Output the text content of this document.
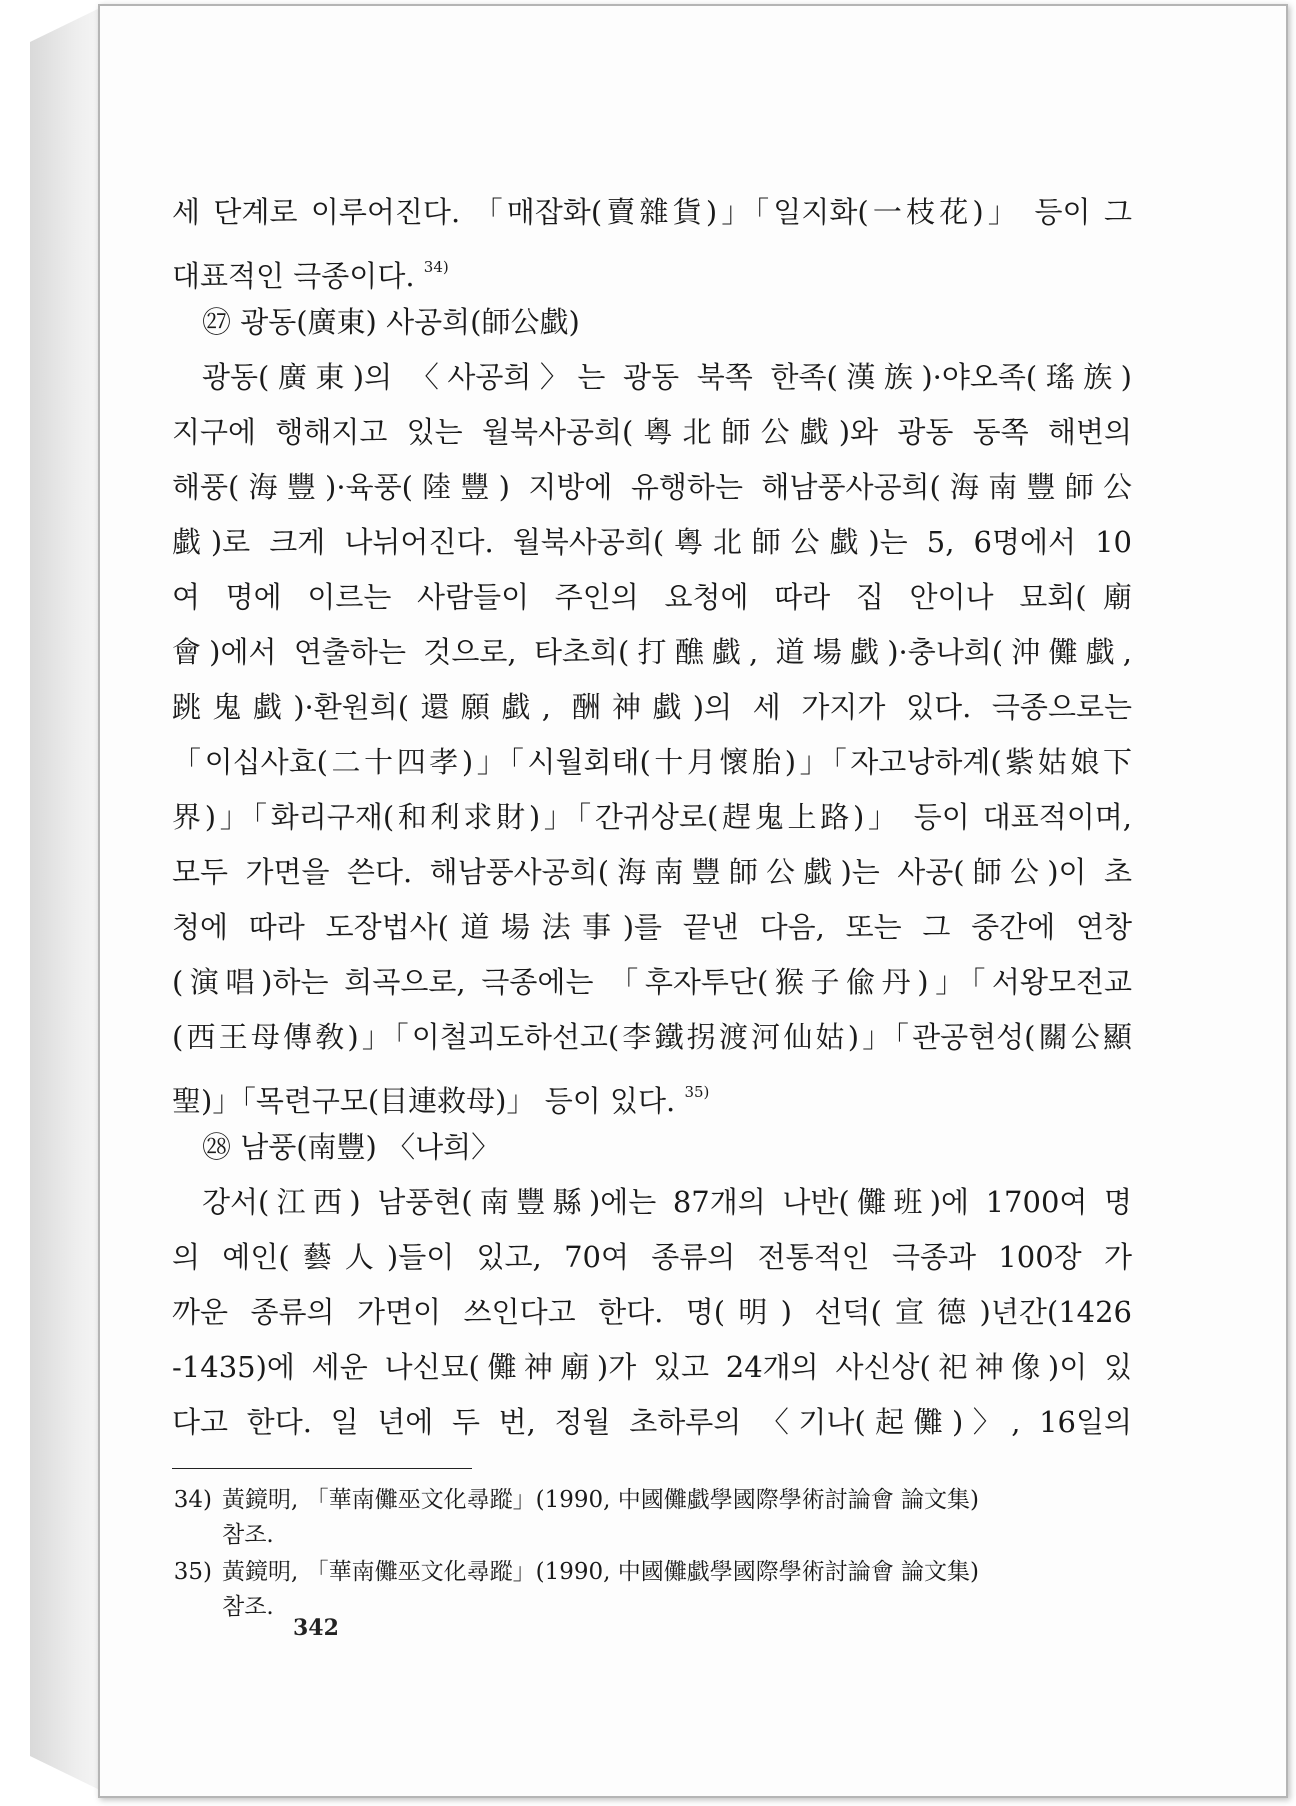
세 단계로 이루어진다. 「매잡화(賣雜貨)」「일지화(一枝花)」 등이 그
대표적인 극종이다. $^{34)}$
㉗ 광동(廣東) 사공희(師公戱)
광동(廣東)의 〈사공희〉는 광동 북쪽 한족(漢族)·야오족(瑤族)
지구에 행해지고 있는 월북사공희(粵北師公戱)와 광동 동쪽 해변의
해풍(海豐)·육풍(陸豐) 지방에 유행하는 해남풍사공희(海南豐師公
戱)로 크게 나뉘어진다. 월북사공희(粵北師公戱)는 5, 6명에서 10
여 명에 이르는 사람들이 주인의 요청에 따라 집 안이나 묘회(廟
會)에서 연출하는 것으로, 타초희(打醮戱, 道場戱)·충나희(沖儺戱,
跳鬼戱)·환원희(還願戱, 酬神戱)의 세 가지가 있다. 극종으로는
「이십사효(二十四孝)」「시월회태(十月懷胎)」「자고낭하계(紫姑娘下
界)」「화리구재(和利求財)」「간귀상로(趕鬼上路)」 등이 대표적이며,
모두 가면을 쓴다. 해남풍사공희(海南豐師公戱)는 사공(師公)이 초
청에 따라 도장법사(道場法事)를 끝낸 다음, 또는 그 중간에 연창
(演唱)하는 희곡으로, 극종에는 「후자투단(猴子偸丹)」「서왕모전교
(西王母傳敎)」「이철괴도하선고(李鐵拐渡河仙姑)」「관공현성(關公顯
聖)」「목련구모(目連救母)」 등이 있다. $^{35)}$
㉘ 남풍(南豐) 〈나희〉
강서(江西) 남풍현(南豐縣)에는 87개의 나반(儺班)에 1700여 명
의 예인(藝人)들이 있고, 70여 종류의 전통적인 극종과 100장 가
까운 종류의 가면이 쓰인다고 한다. 명(明) 선덕(宣德)년간(1426
-1435)에 세운 나신묘(儺神廟)가 있고 24개의 사신상(祀神像)이 있
다고 한다. 일 년에 두 번, 정월 초하루의 〈기나(起儺)〉, 16일의
34) 黃鏡明, 「華南儺巫文化尋蹤」(1990, 中國儺戱學國際學術討論會 論文集)
참조.
35) 黃鏡明, 「華南儺巫文化尋蹤」(1990, 中國儺戱學國際學術討論會 論文集)
참조.
342
